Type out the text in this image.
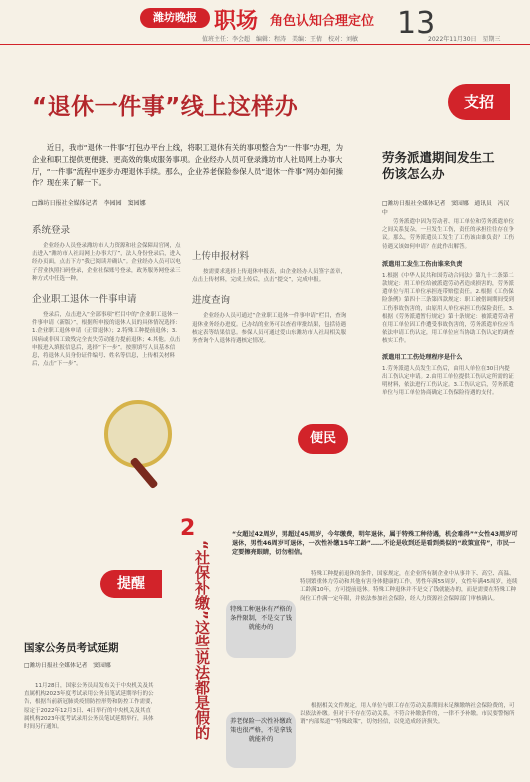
潍坊晚报 职场 角色认知合理定位 13
值班主任：李会超　编辑：程涛　美编：王倩　校对：刘敏	2022年11月30日　星期三
“退休一件事”线上这样办
近日，我市“退休一件事”打包办平台上线，将职工退休有关的事项整合为“一件事”办理，为企业和职工提供更便捷、更高效的集成服务事项。企业经办人员可登录潍坊市人社局网上办事大厅，“一件事”流程中逐步办理退休手续。那么，企业养老保险参保人员“退休一件事”网办如何操作？现在来了解一下。
□潍坊日报社全媒体记者　李园园　窦园娜
系统登录
企业经办人员登录潍坊市人力资源和社会保障局官网，点击进入“潍坊市人社局网上办事大厅”，法人身份登录后，进入经办页面，点击下方“我已阅读并确认”。企业经办人员可以电子营业执照扫码登录，企业社保账号登录，政务服务网登录三种方式中任选一种。
企业职工退休一件事申请
登录后，点击进入“全部事项”栏目中的“企业职工退休一件事申请（新版）”，根据所申报的退休人员的具体情况选择：1.企业职工退休申请（正常退休）；2.特殊工种提前退休；3.因病或非因工致残完全丧失劳动能力提前退休；4.其他。点击申报进入填报信息后，选择“下一步”。按照填写人员基本信息，将退休人员身份证件编号、姓名等信息，上传相关材料后，点击“下一步”。
上传申报材料
按需要求选择上传退休申报表，由企业经办人员签字盖章，点击上传材料，完成上传后，点击“提交”，完成申报。
进度查询
企业经办人员可通过“企业职工退休一件事申请”栏目，查询退休业务经办进度。已办结的业务可以查看审批结果，包括待遇核定表等结果信息。参保人员可通过爱山东潍坊市人社局相关服务查询个人退休待遇核定情况。
支招
劳务派遣期间发生工伤该怎么办
□潍坊日报社全媒体记者　窦园娜　通讯员　冯汉中
劳务派遣中因为劳动者、用工单位和劳务派遣单位之间关系复杂，一旦发生工伤，责任的承担往往存在争议。那么，劳务派遣员工发生了工伤该由谁负责？工伤待遇又该如何申请？在此作出解答。
派遣用工发生工伤由谁来负责
1.根据《中华人民共和国劳动合同法》第九十二条第二款规定：用工单位给被派遣劳动者造成损害的，劳务派遣单位与用工单位承担连带赔偿责任。2.根据《工伤保险条例》第四十三条第四款规定：职工被借调期间受到工伤事故伤害的，由原用人单位承担工伤保险责任。3.根据《劳务派遣暂行规定》第十条规定：被派遣劳动者在用工单位因工作遭受事故伤害的，劳务派遣单位应当依法申请工伤认定，用工单位应当协助工伤认定的调查核实工作。
派遣用工工伤处理程序是什么
1.劳务派遣人员发生工伤后，由用人单位在30日内提出工伤认定申请。2.由用工单位提供工伤认定所需的证明材料，依法进行工伤认定。3.工伤认定后，劳务派遣单位与用工单位协商确定工伤保险待遇的支付。
便民
提醒
国家公务员考试延期
□潍坊日报社全媒体记者　窦园娜
11月28日，国家公务员局发布关于中央机关及其直属机构2023年度考试录用公务员笔试延期举行的公告，根据当前新冠肺炎疫情防控形势和防控工作需要，原定于2022年12月3日、4日举行的中央机关及其直属机构2023年度考试录用公务员笔试延期举行，具体时间另行通知。
2
“社保补缴”这些说法都是假的
“女超过42周岁，男超过45周岁，今年缴费，明年退休，属于特殊工种待遇，机会难得”“女性43周岁可退休，男性46周岁可退休，一次性补缴15年工龄”……不论是收到还是看到类似的“政策宣传”，市民一定要擦亮眼睛，切勿相信。
特殊工种退休有严格的条件限制，不是交了钱就能办的
特殊工种提前退休的条件，国家规定，在企业所有制企业中从事井下、高空、高温、特别繁重体力劳动和其他有害身体健康的工作，男性年满55周岁，女性年满45周岁，连续工龄满10年，方可提前退休。特殊工种退休并不是交了钱就能办的，而是需要在特殊工种岗位工作满一定年限，并依法参加社会保险，经人力资源社会保障部门审核确认。
养老保险一次性补缴政策也很严格，不是拿钱就能补的
根据相关文件规定，用人单位与职工存在劳动关系期间未足额缴纳社会保险费的，可以依法补缴。但对于不存在劳动关系，不符合补缴条件的，一律不予补缴。市民要警惕所谓“内部渠道”“特殊政策”，切勿轻信，以免造成经济损失。
